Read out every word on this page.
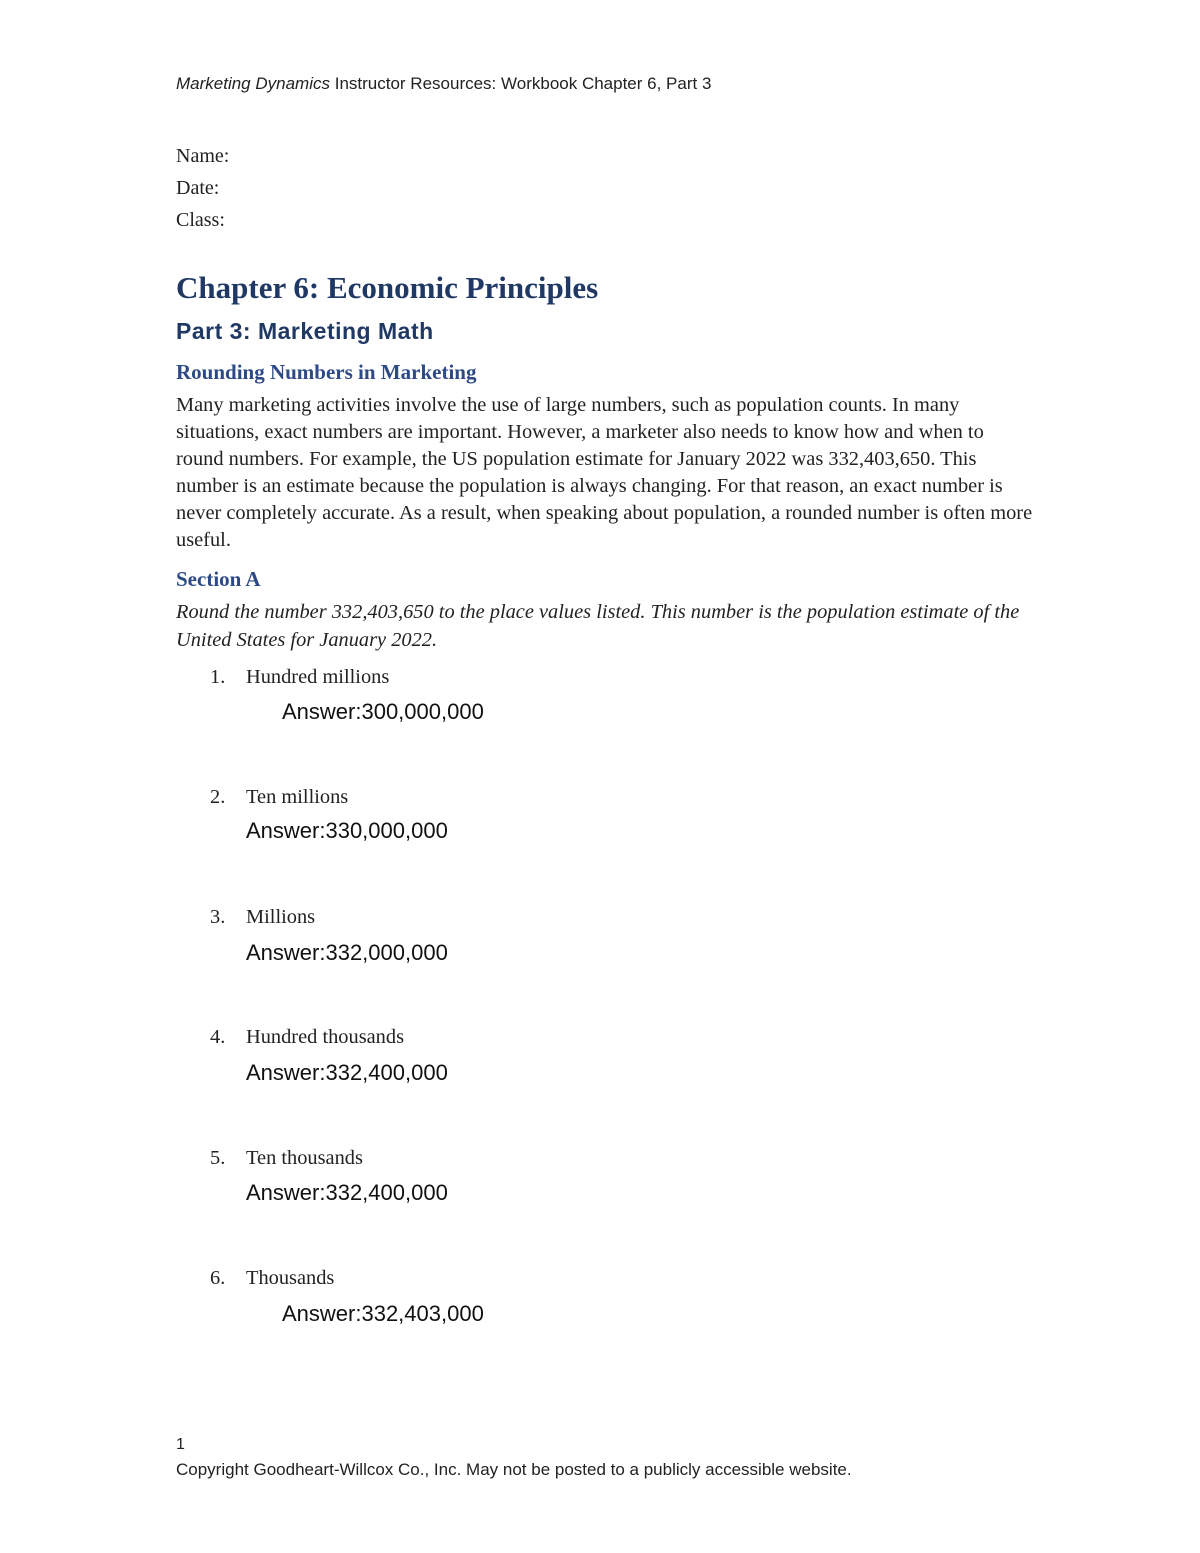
Marketing Dynamics Instructor Resources: Workbook Chapter 6, Part 3
Name:
Date:
Class:
Chapter 6: Economic Principles
Part 3: Marketing Math
Rounding Numbers in Marketing
Many marketing activities involve the use of large numbers, such as population counts. In many situations, exact numbers are important. However, a marketer also needs to know how and when to round numbers. For example, the US population estimate for January 2022 was 332,403,650. This number is an estimate because the population is always changing. For that reason, an exact number is never completely accurate. As a result, when speaking about population, a rounded number is often more useful.
Section A
Round the number 332,403,650 to the place values listed. This number is the population estimate of the United States for January 2022.
1. Hundred millions
Answer:300,000,000
2. Ten millions
Answer:330,000,000
3. Millions
Answer:332,000,000
4. Hundred thousands
Answer:332,400,000
5. Ten thousands
Answer:332,400,000
6. Thousands
Answer:332,403,000
1
Copyright Goodheart-Willcox Co., Inc. May not be posted to a publicly accessible website.
